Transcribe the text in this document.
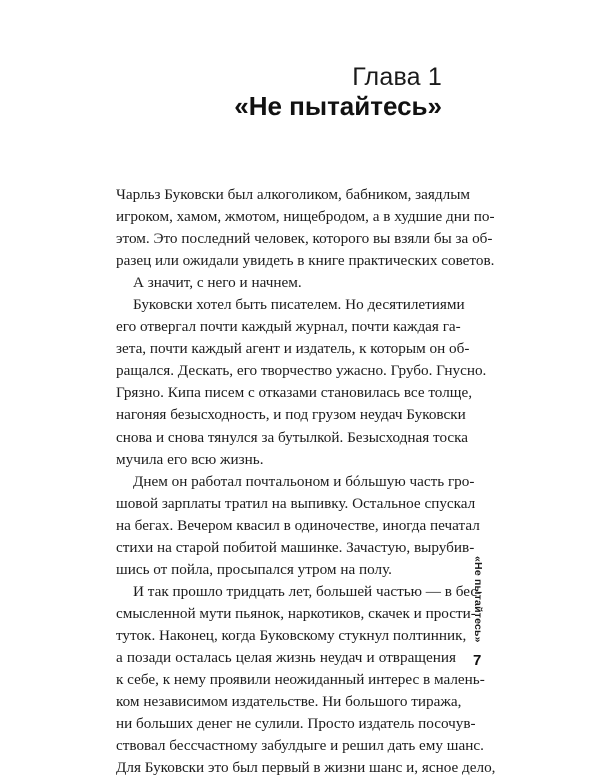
Глава 1
«Не пытайтесь»

Чарльз Буковски был алкоголиком, бабником, заядлым
игроком, хамом, жмотом, нищебродом, а в худшие дни по-
этом. Это последний человек, которого вы взяли бы за об-
разец или ожидали увидеть в книге практических советов.

А значит, с него и начнем.

Буковски хотел быть писателем. Но десятилетиями
его отвергал почти каждый журнал, почти каждая га-
зета, почти каждый агент и издатель, к которым он об-
ращался. Дескать, его творчество ужасно. Грубо. Гнусно.
Грязно. Кипа писем с отказами становилась все толще,
нагоняя безысходность, и под грузом неудач Буковски
снова и снова тянулся за бутылкой. Безысходная тоска
мучила его всю жизнь.

Днем он работал почтальоном и бóльшую часть гро-
шовой зарплаты тратил на выпивку. Остальное спускал
на бегах. Вечером квасил в одиночестве, иногда печатал
стихи на старой побитой машинке. Зачастую, вырубив-
шись от пойла, просыпался утром на полу.

И так прошло тридцать лет, большей частью — в бес-
смысленной мути пьянок, наркотиков, скачек и прости-
туток. Наконец, когда Буковскому стукнул полтинник,
а позади осталась целая жизнь неудач и отвращения
к себе, к нему проявили неожиданный интерес в малень-
ком независимом издательстве. Ни большого тиража,
ни больших денег не сулили. Просто издатель посочув-
ствовал бессчастному забулдыге и решил дать ему шанс.
Для Буковски это был первый в жизни шанс и, ясное дело,

«Не пытайтесь»
7
